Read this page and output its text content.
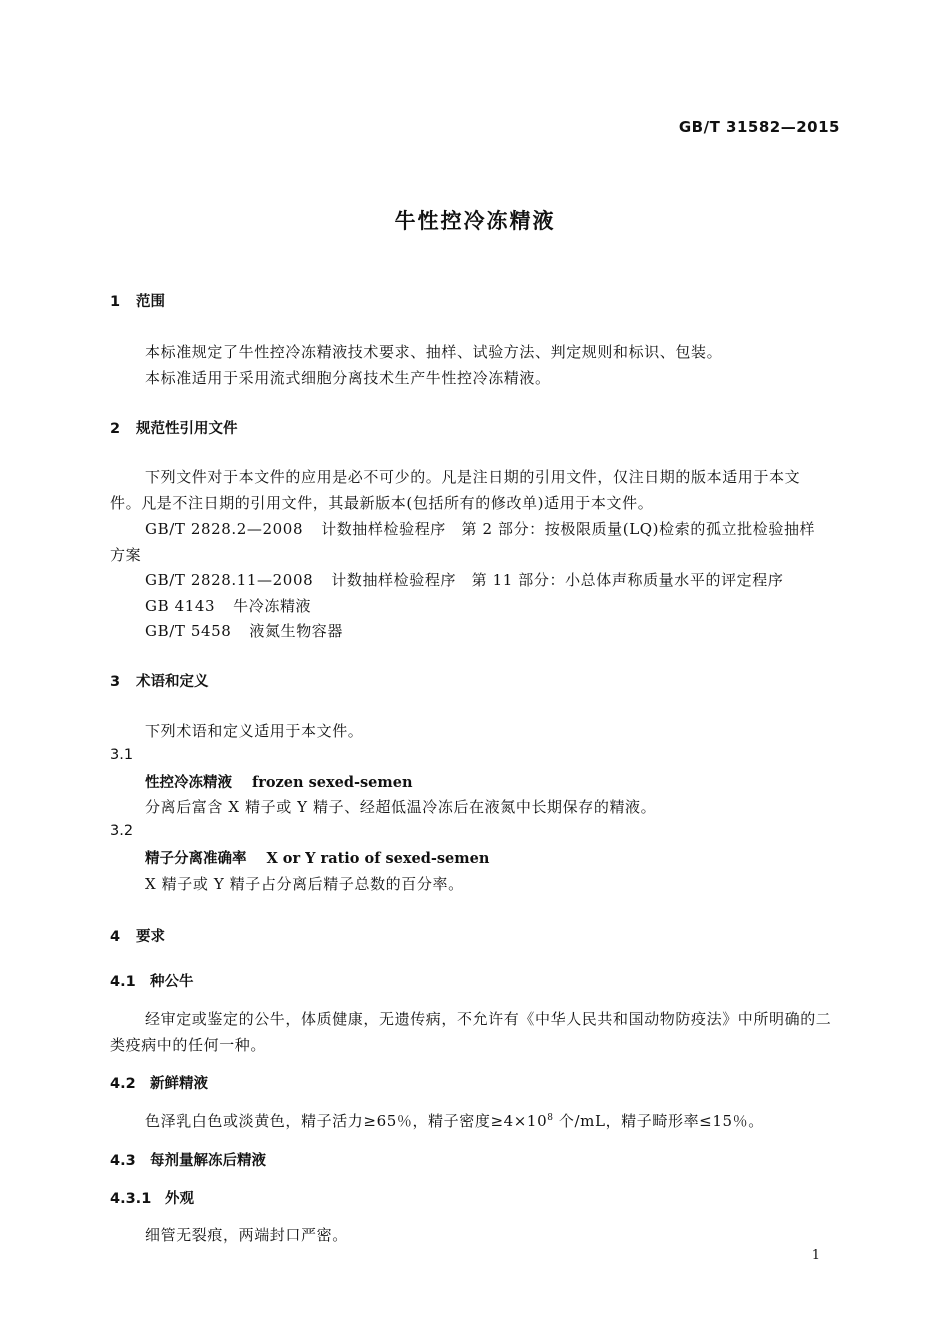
GB/T 31582—2015
牛性控冷冻精液
1 范围
本标准规定了牛性控冷冻精液技术要求、抽样、试验方法、判定规则和标识、包装。
本标准适用于采用流式细胞分离技术生产牛性控冷冻精液。
2 规范性引用文件
下列文件对于本文件的应用是必不可少的。凡是注日期的引用文件，仅注日期的版本适用于本文
件。凡是不注日期的引用文件，其最新版本(包括所有的修改单)适用于本文件。
GB/T 2828.2—2008 计数抽样检验程序　第 2 部分：按极限质量(LQ)检索的孤立批检验抽样
方案
GB/T 2828.11—2008 计数抽样检验程序　第 11 部分：小总体声称质量水平的评定程序
GB 4143 牛冷冻精液
GB/T 5458 液氮生物容器
3 术语和定义
下列术语和定义适用于本文件。
3.1
性控冷冻精液 frozen sexed-semen
分离后富含 X 精子或 Y 精子、经超低温冷冻后在液氮中长期保存的精液。
3.2
精子分离准确率 X or Y ratio of sexed-semen
X 精子或 Y 精子占分离后精子总数的百分率。
4 要求
4.1 种公牛
经审定或鉴定的公牛，体质健康，无遗传病，不允许有《中华人民共和国动物防疫法》中所明确的二
类疫病中的任何一种。
4.2 新鲜精液
色泽乳白色或淡黄色，精子活力≥65％，精子密度$\ge 4\times 10^8$ 个/mL，精子畸形率≤15％。
4.3 每剂量解冻后精液
4.3.1 外观
细管无裂痕，两端封口严密。
1
